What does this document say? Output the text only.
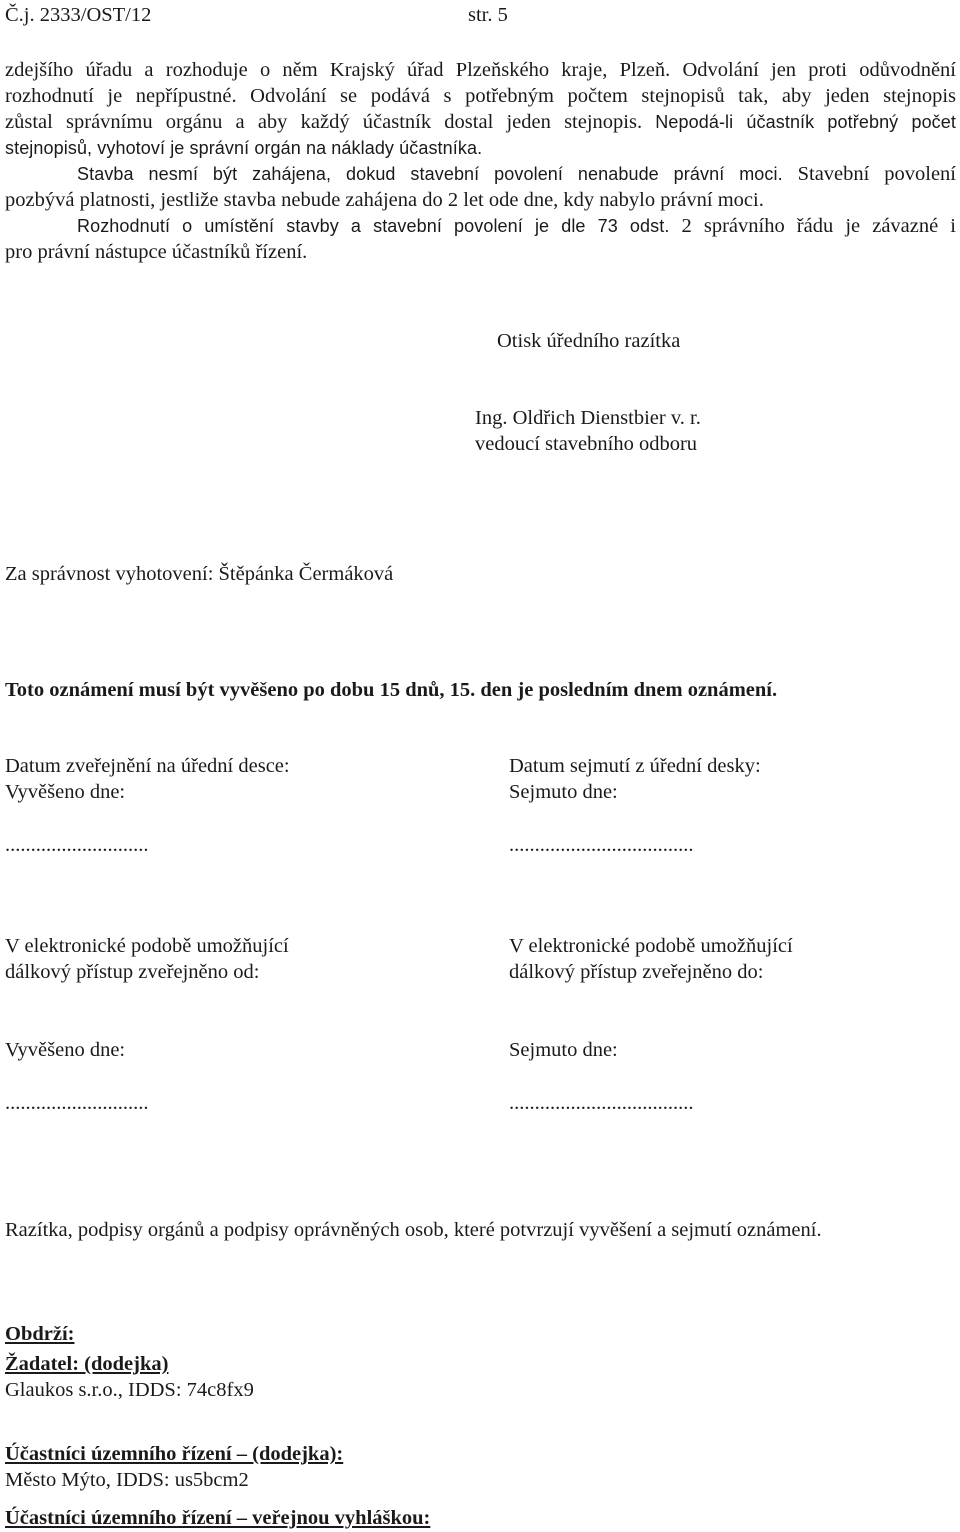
Č.j. 2333/OST/12	str. 5
zdejšího úřadu a rozhoduje o něm Krajský úřad Plzeňského kraje, Plzeň. Odvolání jen proti odůvodnění
rozhodnutí je nepřípustné. Odvolání se podává s potřebným počtem stejnopisů tak, aby jeden stejnopis
zůstal správnímu orgánu a aby každý účastník dostal jeden stejnopis. Nepodá-li účastník potřebný počet
stejnopisů, vyhotoví je správní orgán na náklady účastníka.
Stavba nesmí být zahájena, dokud stavební povolení nenabude právní moci. Stavební povolení
pozbývá platnosti, jestliže stavba nebude zahájena do 2 let ode dne, kdy nabylo právní moci.
Rozhodnutí o umístění stavby a stavební povolení je dle 73 odst. 2 správního řádu je závazné i
pro právní nástupce účastníků řízení.
Otisk úředního razítka
Ing. Oldřich Dienstbier v. r.
vedoucí stavebního odboru
Za správnost vyhotovení: Štěpánka Čermáková
Toto oznámení musí být vyvěšeno po dobu 15 dnů, 15. den je posledním dnem oznámení.
Datum zveřejnění na úřední desce:
Vyvěšeno dne:
............................
V elektronické podobě umožňující
dálkový přístup zveřejněno od:
Vyvěšeno dne:
............................
Datum sejmutí z úřední desky:
Sejmuto dne:
....................................
V elektronické podobě umožňující
dálkový přístup zveřejněno do:
Sejmuto dne:
....................................
Razítka, podpisy orgánů a podpisy oprávněných osob, které potvrzují vyvěšení a sejmutí oznámení.
Obdrží:
Žadatel: (dodejka)
Glaukos s.r.o., IDDS: 74c8fx9
Účastníci územního řízení – (dodejka):
Město Mýto, IDDS: us5bcm2
Účastníci územního řízení – veřejnou vyhláškou:
